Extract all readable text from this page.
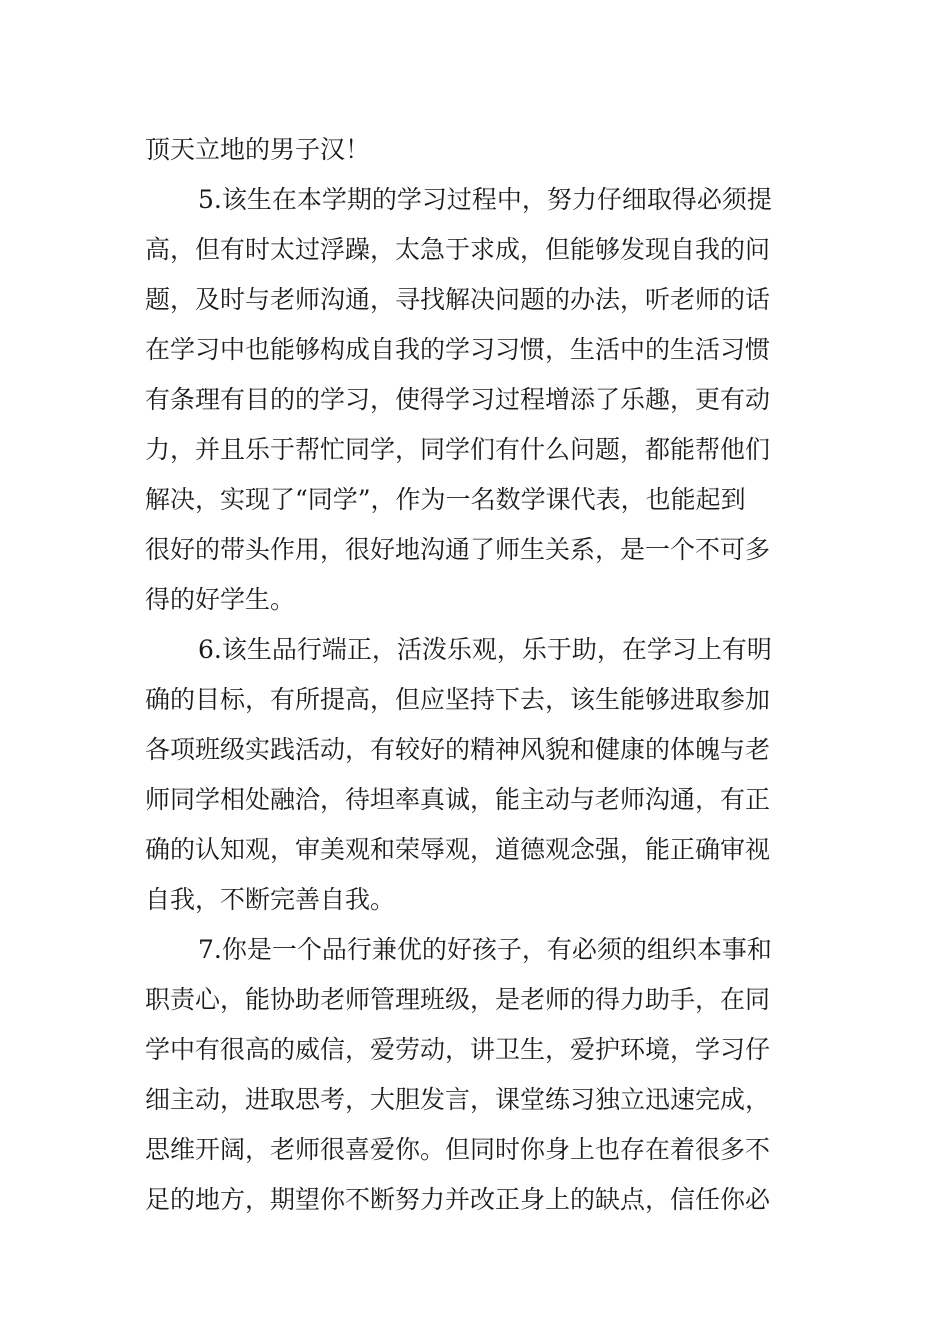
顶天立地的男子汉！
5.该生在本学期的学习过程中，努力仔细取得必须提
高，但有时太过浮躁，太急于求成，但能够发现自我的问
题，及时与老师沟通，寻找解决问题的办法，听老师的话
在学习中也能够构成自我的学习习惯，生活中的生活习惯
有条理有目的的学习，使得学习过程增添了乐趣，更有动
力，并且乐于帮忙同学，同学们有什么问题，都能帮他们
解决，实现了“同学”，作为一名数学课代表，也能起到
很好的带头作用，很好地沟通了师生关系，是一个不可多
得的好学生。
6.该生品行端正，活泼乐观，乐于助，在学习上有明
确的目标，有所提高，但应坚持下去，该生能够进取参加
各项班级实践活动，有较好的精神风貌和健康的体魄与老
师同学相处融洽，待坦率真诚，能主动与老师沟通，有正
确的认知观，审美观和荣辱观，道德观念强，能正确审视
自我，不断完善自我。
7.你是一个品行兼优的好孩子，有必须的组织本事和
职责心，能协助老师管理班级，是老师的得力助手，在同
学中有很高的威信，爱劳动，讲卫生，爱护环境，学习仔
细主动，进取思考，大胆发言，课堂练习独立迅速完成，
思维开阔，老师很喜爱你。但同时你身上也存在着很多不
足的地方，期望你不断努力并改正身上的缺点，信任你必
